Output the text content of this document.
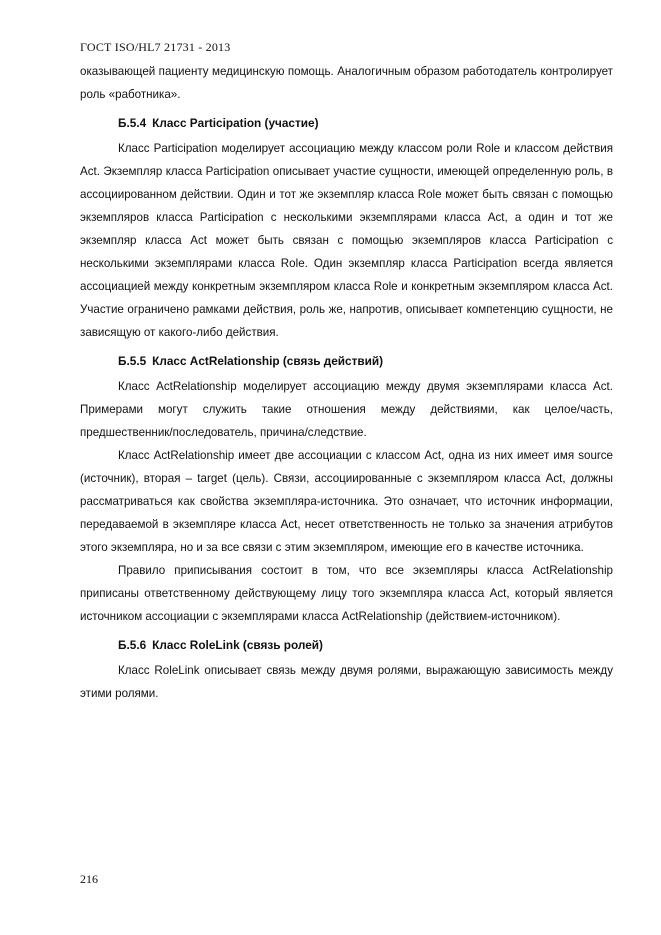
ГОСТ ISO/HL7 21731 - 2013

оказывающей пациенту медицинскую помощь. Аналогичным образом работодатель контролирует роль «работника».

Б.5.4 Класс Participation (участие)

Класс Participation моделирует ассоциацию между классом роли Role и классом действия Act. Экземпляр класса Participation описывает участие сущности, имеющей определенную роль, в ассоциированном действии. Один и тот же экземпляр класса Role может быть связан с помощью экземпляров класса Participation с несколькими экземплярами класса Act, а один и тот же экземпляр класса Act может быть связан с помощью экземпляров класса Participation с несколькими экземплярами класса Role. Один экземпляр класса Participation всегда является ассоциацией между конкретным экземпляром класса Role и конкретным экземпляром класса Act. Участие ограничено рамками действия, роль же, напротив, описывает компетенцию сущности, не зависящую от какого-либо действия.

Б.5.5 Класс ActRelationship (связь действий)

Класс ActRelationship моделирует ассоциацию между двумя экземплярами класса Act. Примерами могут служить такие отношения между действиями, как целое/часть, предшественник/последователь, причина/следствие.

Класс ActRelationship имеет две ассоциации с классом Act, одна из них имеет имя source (источник), вторая – target (цель). Связи, ассоциированные с экземпляром класса Act, должны рассматриваться как свойства экземпляра-источника. Это означает, что источник информации, передаваемой в экземпляре класса Act, несет ответственность не только за значения атрибутов этого экземпляра, но и за все связи с этим экземпляром, имеющие его в качестве источника.

Правило приписывания состоит в том, что все экземпляры класса ActRelationship приписаны ответственному действующему лицу того экземпляра класса Act, который является источником ассоциации с экземплярами класса ActRelationship (действием-источником).

Б.5.6 Класс RoleLink (связь ролей)

Класс RoleLink описывает связь между двумя ролями, выражающую зависимость между этими ролями.

216
